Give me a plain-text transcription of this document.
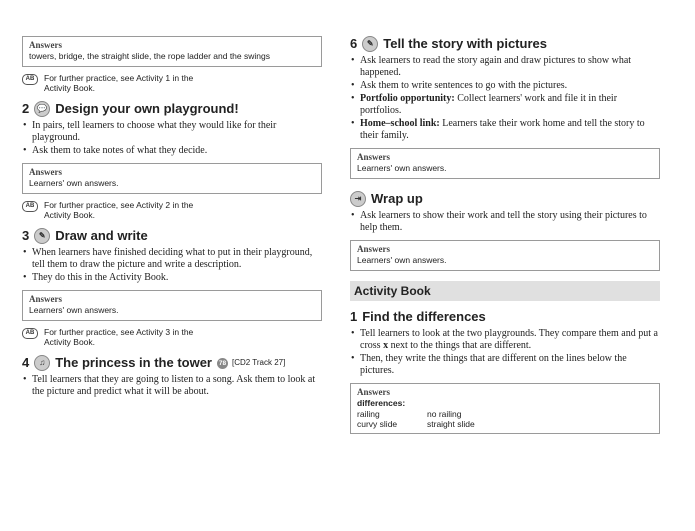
Answers
towers, bridge, the straight slide, the rope ladder and the swings
AB	For further practice, see Activity 1 in the
Activity Book.
2	💬 Design your own playground!
• In pairs, tell learners to choose what they would like for their playground.
• Ask them to take notes of what they decide.
Answers
Learners' own answers.
AB	For further practice, see Activity 2 in the
Activity Book.
3	✎ Draw and write
• When learners have finished deciding what to put in their playground, tell them to draw the picture and write a description.
• They do this in the Activity Book.
Answers
Learners' own answers.
AB	For further practice, see Activity 3 in the
Activity Book.
4	♫ The princess in the tower 78 [CD2 Track 27]
• Tell learners that they are going to listen to a song. Ask them to look at the picture and predict what it will be about.
6	✎ Tell the story with pictures
• Ask learners to read the story again and draw pictures to show what happened.
• Ask them to write sentences to go with the pictures.
• Portfolio opportunity: Collect learners' work and file it in their portfolios.
• Home–school link: Learners take their work home and tell the story to their family.
Answers
Learners' own answers.
⇥ Wrap up
• Ask learners to show their work and tell the story using their pictures to help them.
Answers
Learners' own answers.
Activity Book
1 Find the differences
• Tell learners to look at the two playgrounds. They compare them and put a cross x next to the things that are different.
• Then, they write the things that are different on the lines below the pictures.
Answers
differences:
railing	no railing
curvy slide	straight slide
